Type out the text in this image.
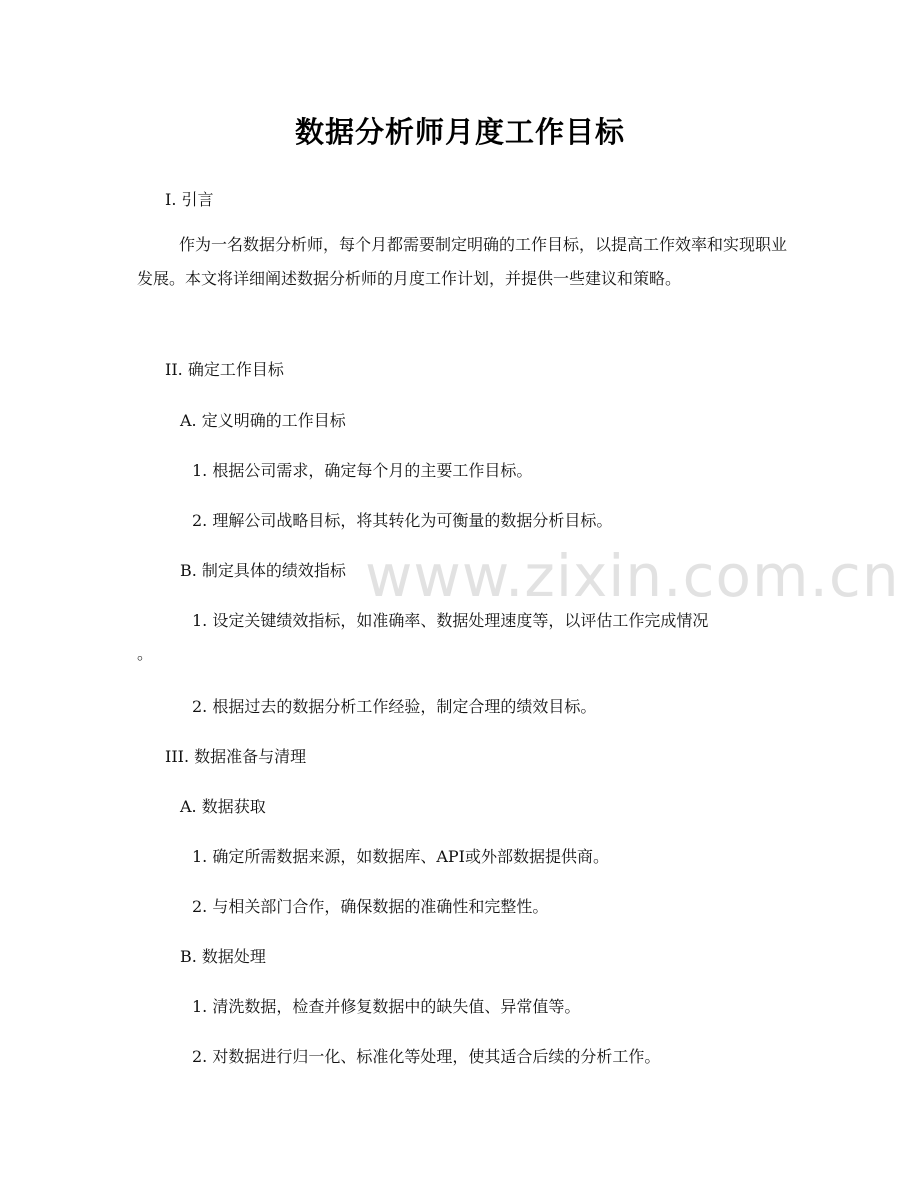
www.zixin.com.cn
数据分析师月度工作目标
I. 引言
作为一名数据分析师，每个月都需要制定明确的工作目标，以提高工作效率和实现职业发展。本文将详细阐述数据分析师的月度工作计划，并提供一些建议和策略。
II. 确定工作目标
A. 定义明确的工作目标
1. 根据公司需求，确定每个月的主要工作目标。
2. 理解公司战略目标，将其转化为可衡量的数据分析目标。
B. 制定具体的绩效指标
1. 设定关键绩效指标，如准确率、数据处理速度等，以评估工作完成情况
。
2. 根据过去的数据分析工作经验，制定合理的绩效目标。
III. 数据准备与清理
A. 数据获取
1. 确定所需数据来源，如数据库、API或外部数据提供商。
2. 与相关部门合作，确保数据的准确性和完整性。
B. 数据处理
1. 清洗数据，检查并修复数据中的缺失值、异常值等。
2. 对数据进行归一化、标准化等处理，使其适合后续的分析工作。
